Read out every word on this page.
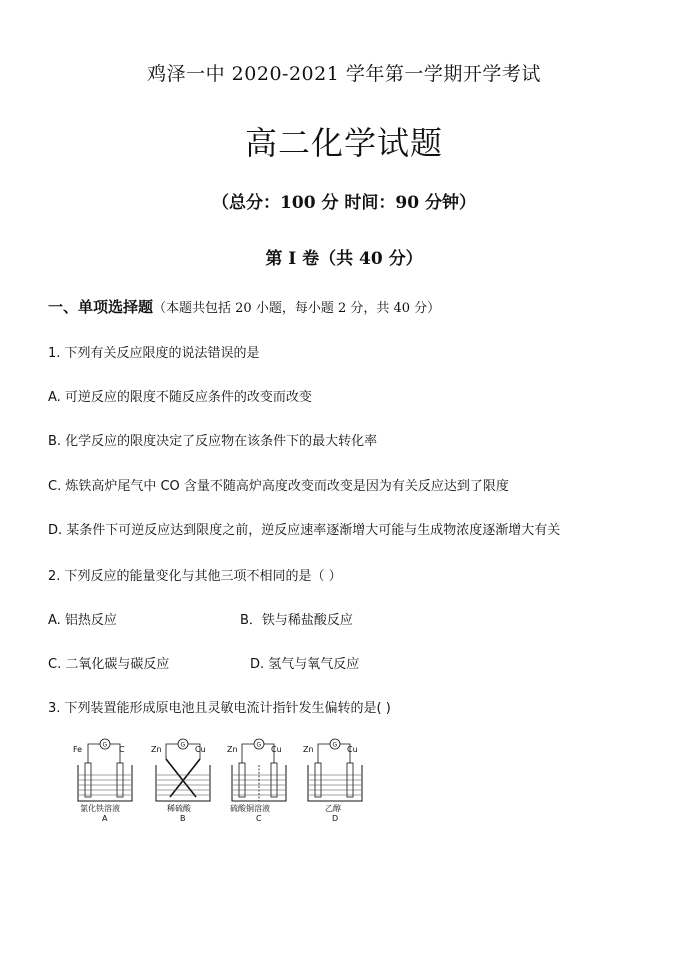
鸡泽一中 2020-2021 学年第一学期开学考试
高二化学试题
（总分：100 分 时间：90 分钟）
第 I 卷（共 40 分）
一、单项选择题（本题共包括 20 小题，每小题 2 分，共 40 分）
1. 下列有关反应限度的说法错误的是
A. 可逆反应的限度不随反应条件的改变而改变
B. 化学反应的限度决定了反应物在该条件下的最大转化率
C. 炼铁高炉尾气中 CO 含量不随高炉高度改变而改变是因为有关反应达到了限度
D. 某条件下可逆反应达到限度之前，逆反应速率逐渐增大可能与生成物浓度逐渐增大有关
2. 下列反应的能量变化与其他三项不相同的是（ ）
A. 铝热反应	B．铁与稀盐酸反应
C. 二氧化碳与碳反应	D. 氢气与氧气反应
3. 下列装置能形成原电池且灵敏电流计指针发生偏转的是( )
Fe	C
G
氯化铁溶液
A
Zn	Cu
G
稀硫酸
B
Zn	Cu
G
硫酸铜溶液
C
Zn	Cu
G
乙醇
D
